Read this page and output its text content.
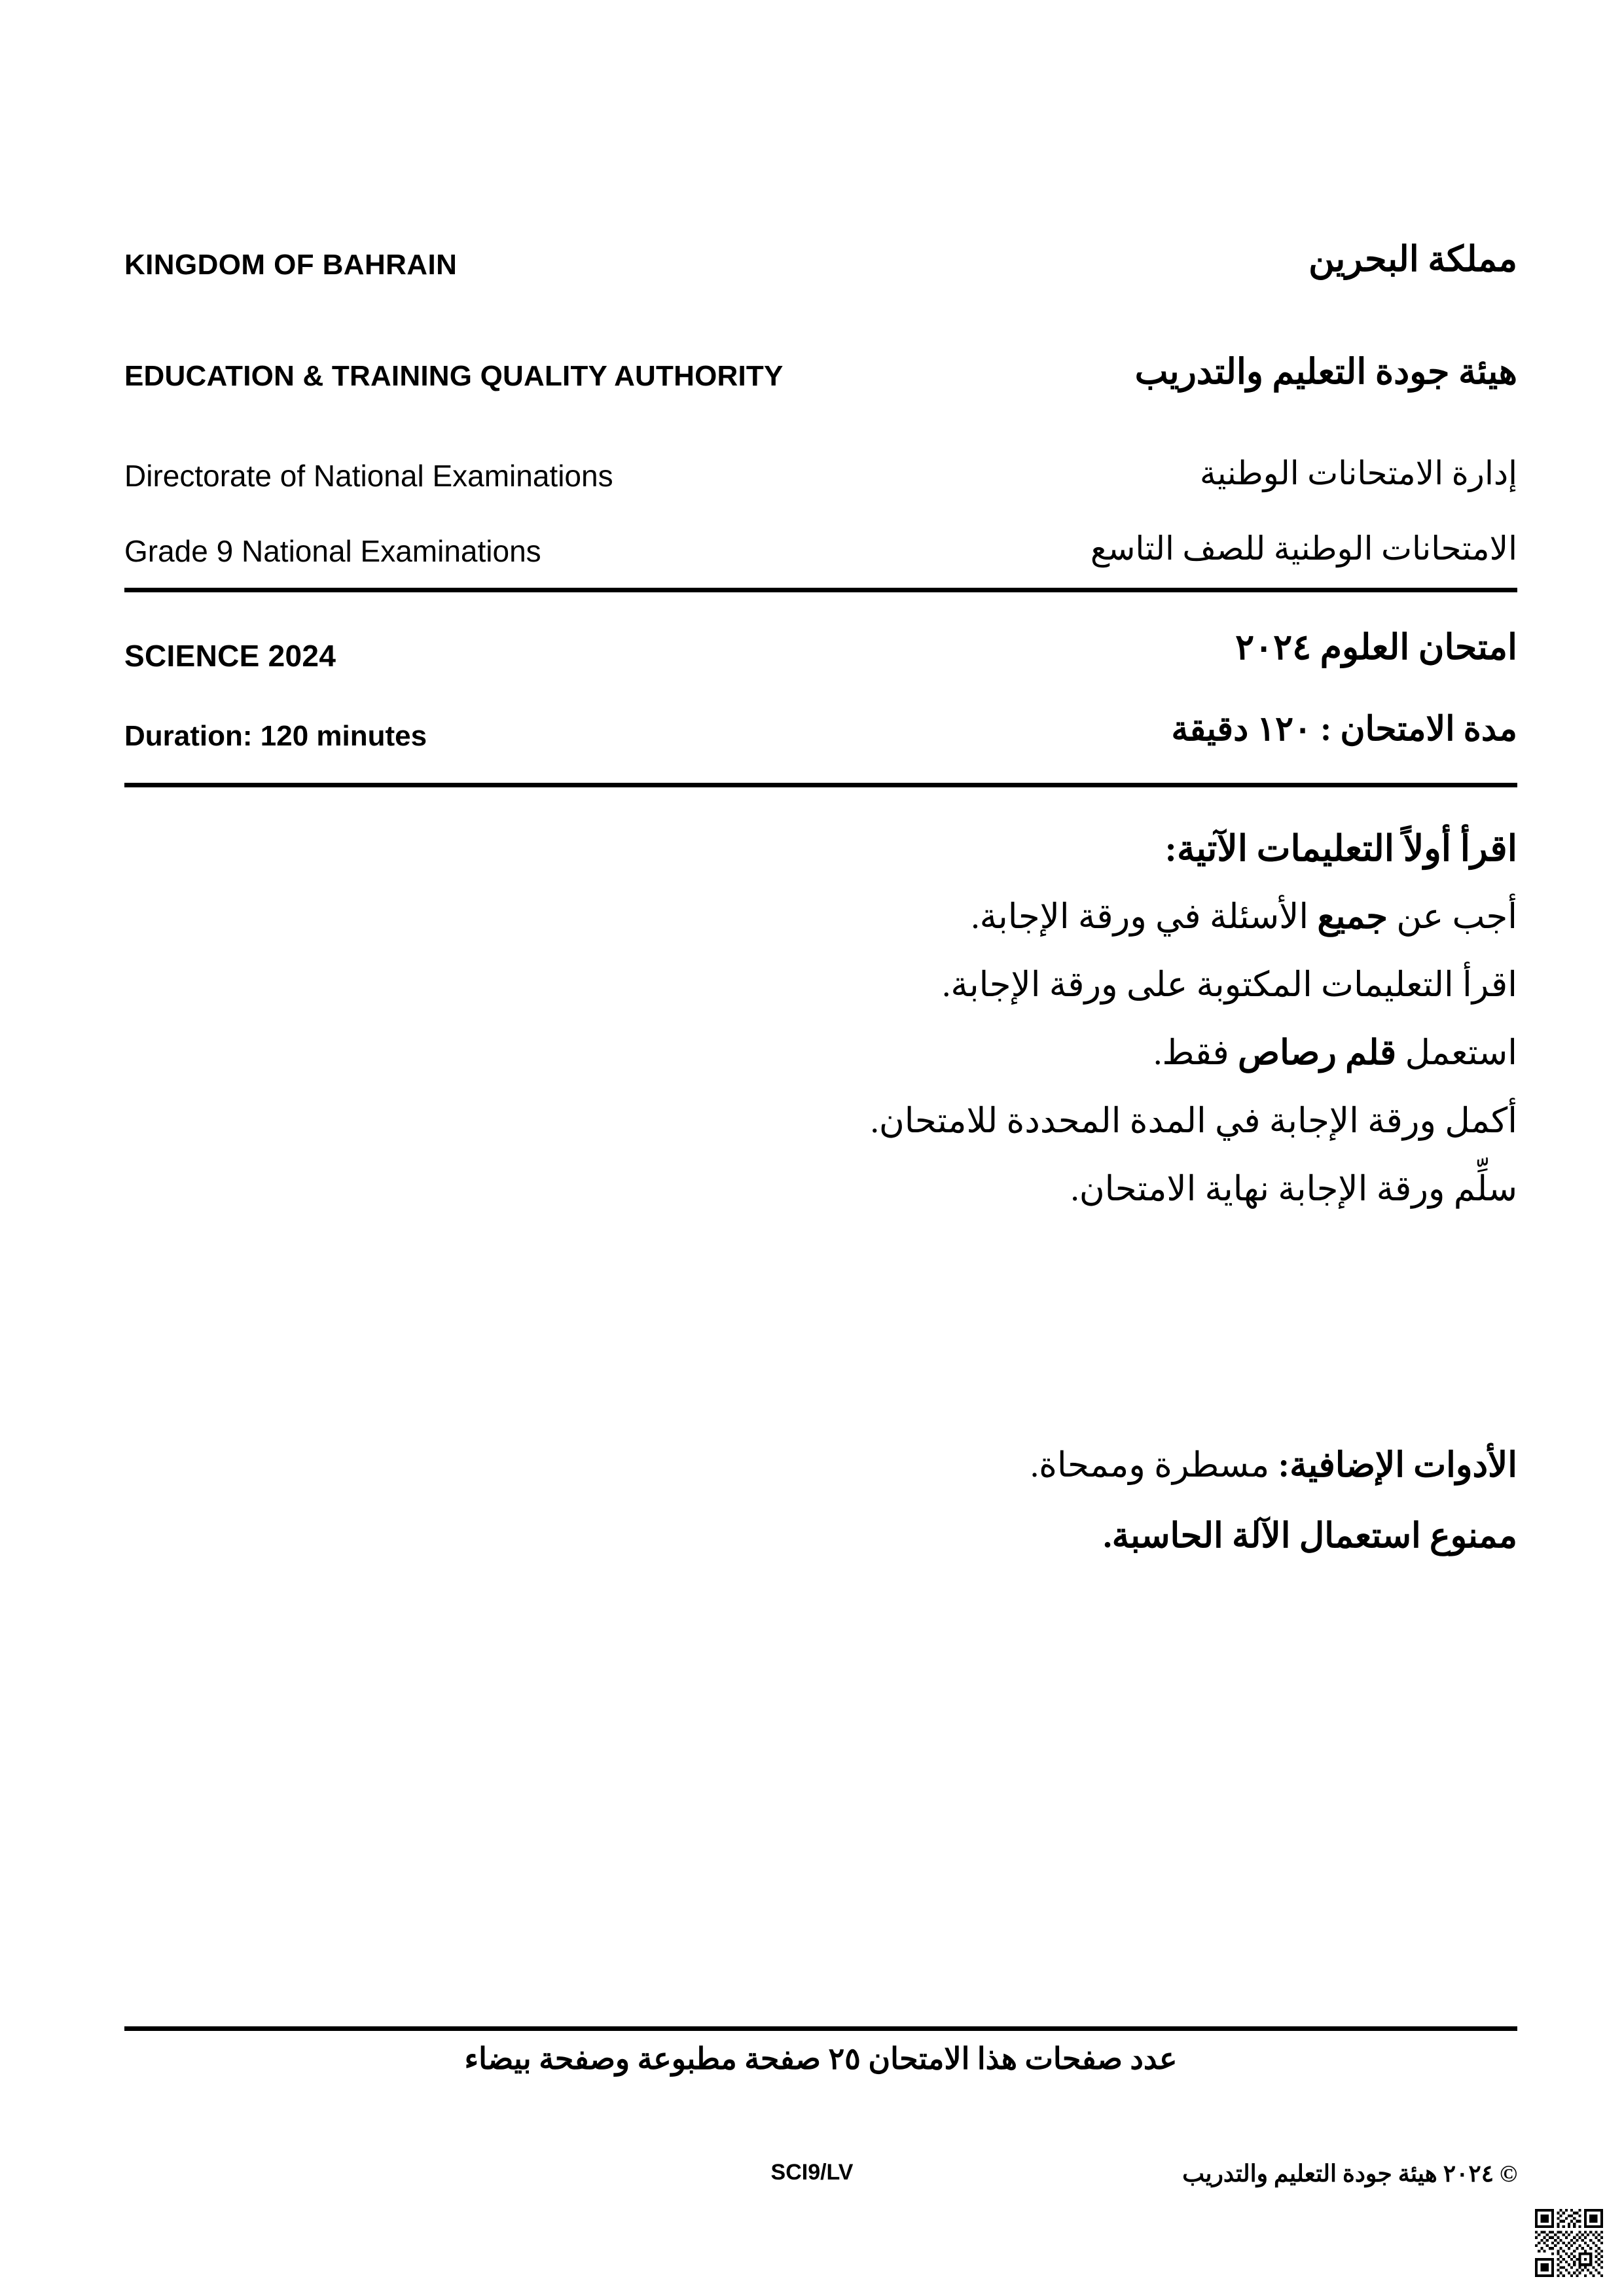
KINGDOM OF BAHRAIN	مملكة البحرين
EDUCATION & TRAINING QUALITY AUTHORITY	هيئة جودة التعليم والتدريب
Directorate of National Examinations	إدارة الامتحانات الوطنية
Grade 9 National Examinations	الامتحانات الوطنية للصف التاسع
SCIENCE 2024	امتحان العلوم ٢٠٢٤
Duration: 120 minutes	مدة الامتحان : ١٢٠ دقيقة
اقرأ أولاً التعليمات الآتية:
أجب عن جميع الأسئلة في ورقة الإجابة.
اقرأ التعليمات المكتوبة على ورقة الإجابة.
استعمل قلم رصاص فقط.
أكمل ورقة الإجابة في المدة المحددة للامتحان.
سلِّم ورقة الإجابة نهاية الامتحان.
الأدوات الإضافية: مسطرة وممحاة.
ممنوع استعمال الآلة الحاسبة.
عدد صفحات هذا الامتحان ٢٥ صفحة مطبوعة وصفحة بيضاء
SCI9/LV	© ٢٠٢٤ هيئة جودة التعليم والتدريب
